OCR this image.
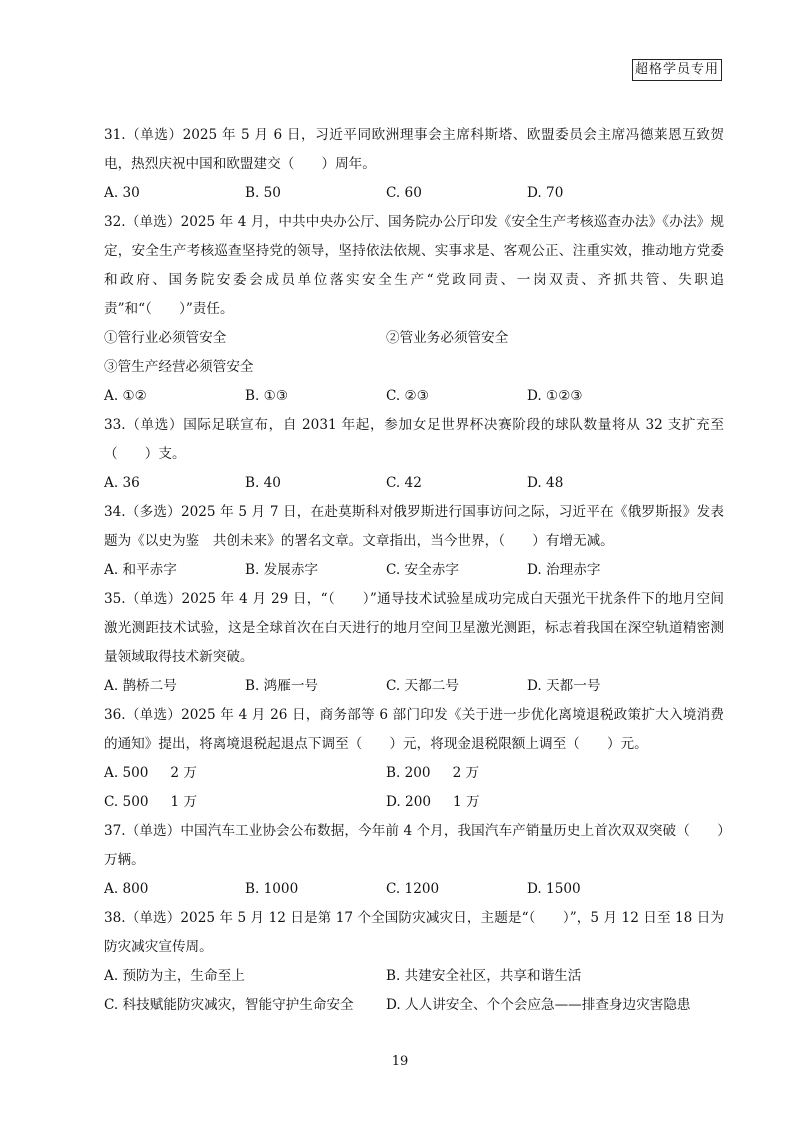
超格学员专用
31.（单选）2025 年 5 月 6 日，习近平同欧洲理事会主席科斯塔、欧盟委员会主席冯德莱恩互致贺电，热烈庆祝中国和欧盟建交（　　）周年。
A. 30	B. 50	C. 60	D. 70
32.（单选）2025 年 4 月，中共中央办公厅、国务院办公厅印发《安全生产考核巡查办法》《办法》规定，安全生产考核巡查坚持党的领导，坚持依法依规、实事求是、客观公正、注重实效，推动地方党委和政府、国务院安委会成员单位落实安全生产“党政同责、一岗双责、齐抓共管、失职追责”和“（　　）”责任。
①管行业必须管安全	②管业务必须管安全
③管生产经营必须管安全
A. ①②	B. ①③	C. ②③	D. ①②③
33.（单选）国际足联宣布，自 2031 年起，参加女足世界杯决赛阶段的球队数量将从 32 支扩充至（　　）支。
A. 36	B. 40	C. 42	D. 48
34.（多选）2025 年 5 月 7 日，在赴莫斯科对俄罗斯进行国事访问之际，习近平在《俄罗斯报》发表题为《以史为鉴　共创未来》的署名文章。文章指出，当今世界，（　　）有增无减。
A. 和平赤字	B. 发展赤字	C. 安全赤字	D. 治理赤字
35.（单选）2025 年 4 月 29 日，“（　　）”通导技术试验星成功完成白天强光干扰条件下的地月空间激光测距技术试验，这是全球首次在白天进行的地月空间卫星激光测距，标志着我国在深空轨道精密测量领域取得技术新突破。
A. 鹊桥二号	B. 鸿雁一号	C. 天都二号	D. 天都一号
36.（单选）2025 年 4 月 26 日，商务部等 6 部门印发《关于进一步优化离境退税政策扩大入境消费的通知》提出，将离境退税起退点下调至（　　）元，将现金退税限额上调至（　　）元。
A. 500 2 万	B. 200 2 万
C. 500 1 万	D. 200 1 万
37.（单选）中国汽车工业协会公布数据，今年前 4 个月，我国汽车产销量历史上首次双双突破（　　）万辆。
A. 800	B. 1000	C. 1200	D. 1500
38.（单选）2025 年 5 月 12 日是第 17 个全国防灾减灾日，主题是“（　　）”，5 月 12 日至 18 日为防灾减灾宣传周。
A. 预防为主，生命至上	B. 共建安全社区，共享和谐生活
C. 科技赋能防灾减灾，智能守护生命安全	D. 人人讲安全、个个会应急——排查身边灾害隐患
19
